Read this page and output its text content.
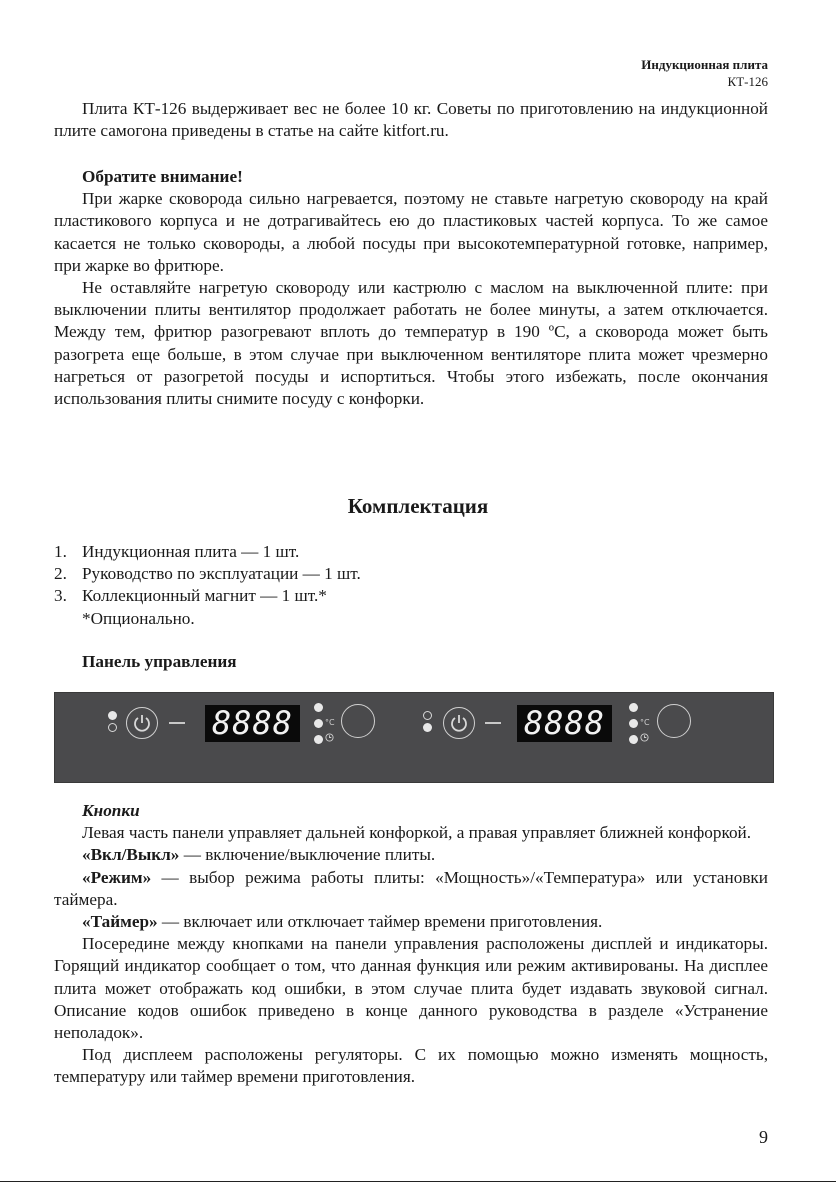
Индукционная плита
КТ-126

Плита КТ-126 выдерживает вес не более 10 кг. Советы по приготовлению на индукционной плите самогона приведены в статье на сайте kitfort.ru.

Обратите внимание!

При жарке сковорода сильно нагревается, поэтому не ставьте нагретую сковороду на край пластикового корпуса и не дотрагивайтесь ею до пластиковых частей корпуса. То же самое касается не только сковороды, а любой посуды при высокотемпературной готовке, например, при жарке во фритюре.

Не оставляйте нагретую сковороду или кастрюлю с маслом на выключенной плите: при выключении плиты вентилятор продолжает работать не более минуты, а затем отключается. Между тем, фритюр разогревают вплоть до температур в 190 ºС, а сковорода может быть разогрета еще больше, в этом случае при выключенном вентиляторе плита может чрезмерно нагреться от разогретой посуды и испортиться. Чтобы этого избежать, после окончания использования плиты снимите посуду с конфорки.

Комплектация
1. Индукционная плита — 1 шт.
2. Руководство по эксплуатации — 1 шт.
3. Коллекционный магнит — 1 шт.*
*Опционально.

Панель управления

8888	°C	8888	°C

Кнопки

Левая часть панели управляет дальней конфоркой, а правая управляет ближней конфоркой.

«Вкл/Выкл» — включение/выключение плиты.

«Режим» — выбор режима работы плиты: «Мощность»/«Температура» или установки таймера.

«Таймер» — включает или отключает таймер времени приготовления.

Посередине между кнопками на панели управления расположены дисплей и индикаторы. Горящий индикатор сообщает о том, что данная функция или режим активированы. На дисплее плита может отображать код ошибки, в этом случае плита будет издавать звуковой сигнал. Описание кодов ошибок приведено в конце данного руководства в разделе «Устранение неполадок».

Под дисплеем расположены регуляторы. С их помощью можно изменять мощность, температуру или таймер времени приготовления.

9
